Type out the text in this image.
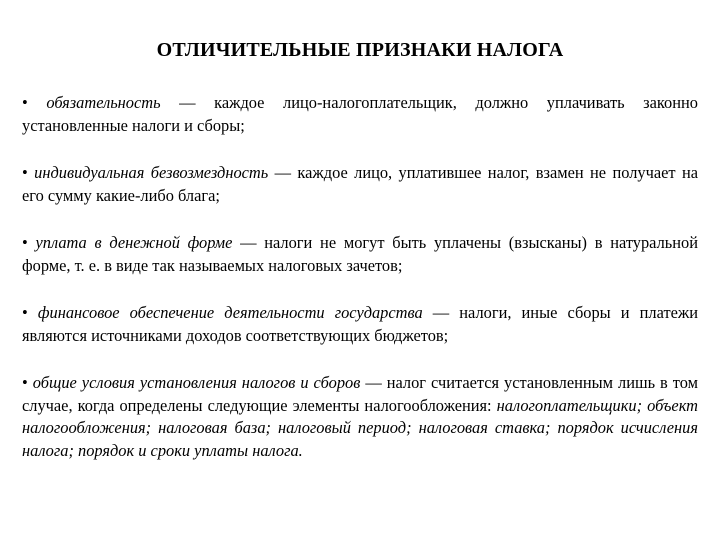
ОТЛИЧИТЕЛЬНЫЕ ПРИЗНАКИ НАЛОГА

• обязательность — каждое лицо-налогоплательщик, должно уплачивать законно установленные налоги и сборы;

• индивидуальная безвозмездность — каждое лицо, уплатившее налог, взамен не получает на его сумму какие-либо блага;

• уплата в денежной форме — налоги не могут быть уплачены (взысканы) в натуральной форме, т. е. в виде так называемых налоговых зачетов;

• финансовое обеспечение деятельности государства — налоги, иные сборы и платежи являются источниками доходов соответствующих бюджетов;

• общие условия установления налогов и сборов — налог считается установленным лишь в том случае, когда определены следующие элементы налогообложения: налогоплательщики; объект налогообложения; налоговая база; налоговый период; налоговая ставка; порядок исчисления налога; порядок и сроки уплаты налога.
